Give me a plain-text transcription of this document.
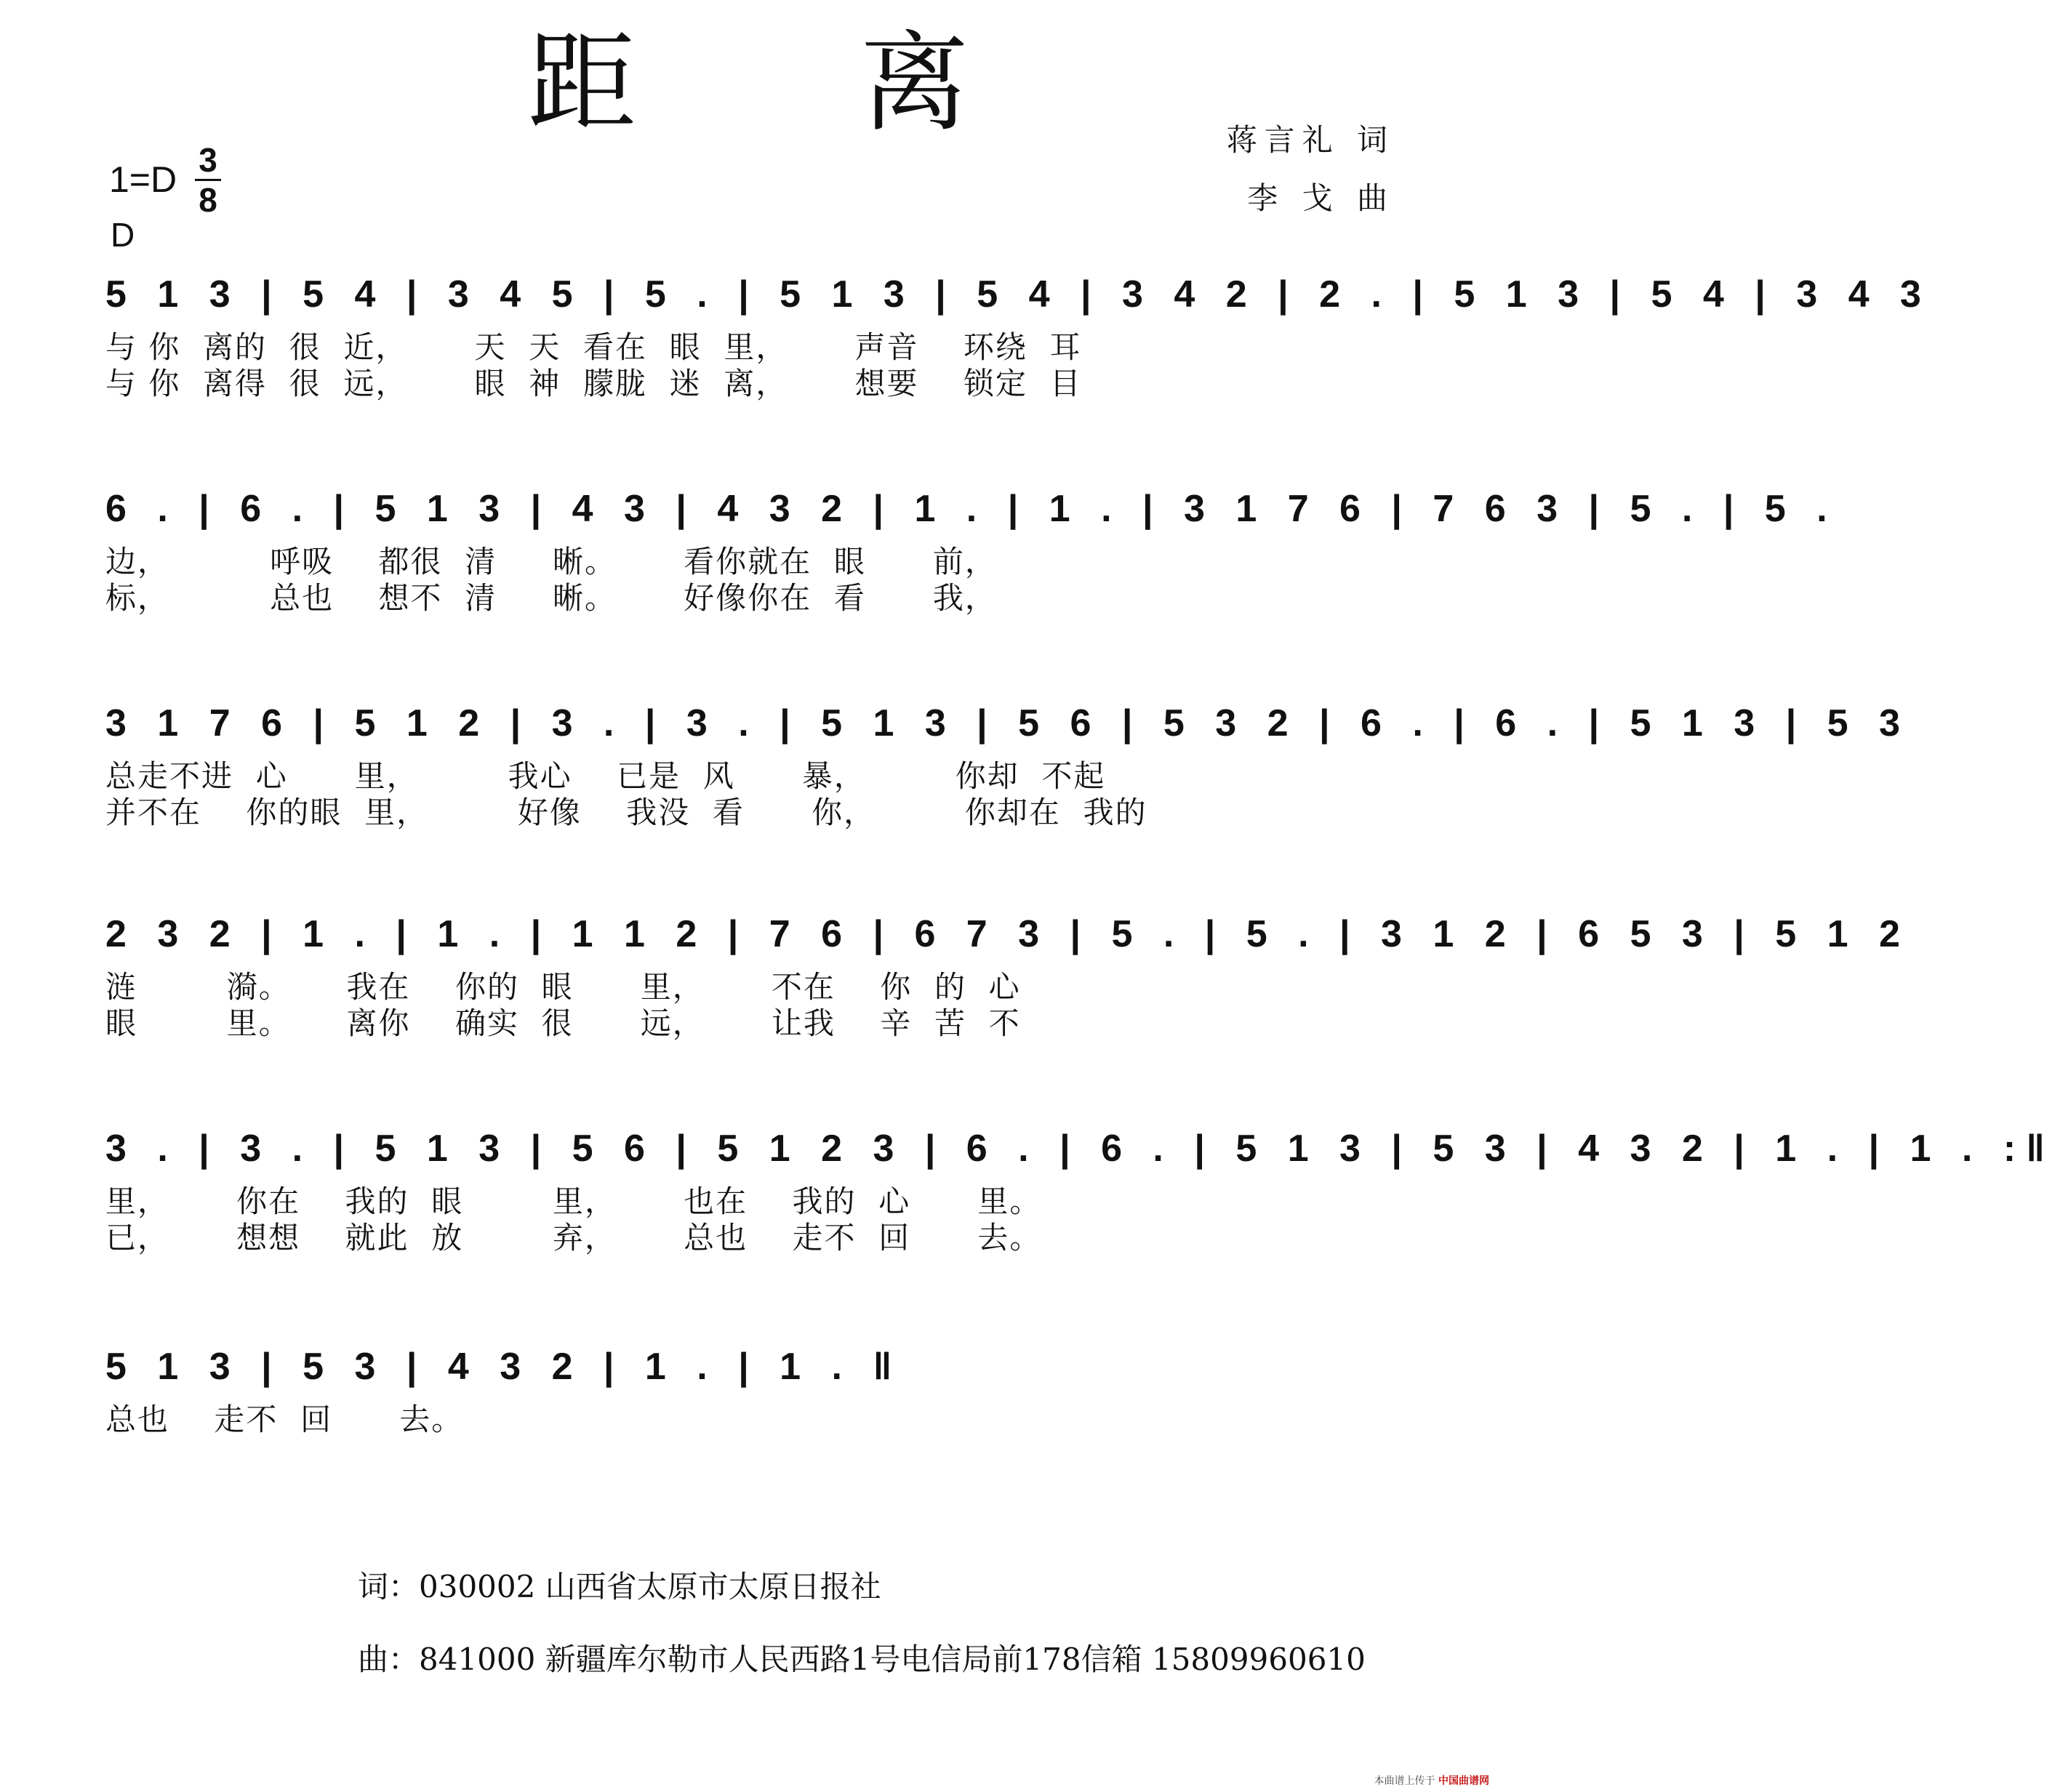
距 离	蒋言礼 词
李 戈 曲
1=D 3
8
D
5 1 3 | 5 4 | 3 4 5 | 5 . | 5 1 3 | 5 4 | 3 4 2 | 2 . | 5 1 3 | 5 4 | 3 4 3
与 你  离的  很  近，      天  天  看在  眼  里，      声音    环绕  耳
与 你  离得  很  远，      眼  神  朦胧  迷  离，      想要    锁定  目
6 . | 6 . | 5 1 3 | 4 3 | 4 3 2 | 1 . | 1 . | 3 1 7 6 | 7 6 3 | 5 . | 5 .
边，         呼吸    都很  清     晰。      看你就在  眼      前，
标，         总也    想不  清     晰。      好像你在  看      我，
3 1 7 6 | 5 1 2 | 3 . | 3 . | 5 1 3 | 5 6 | 5 3 2 | 6 . | 6 . | 5 1 3 | 5 3
总走不进  心      里，        我心    已是  风      暴，        你却  不起
并不在    你的眼  里，        好像    我没  看      你，        你却在  我的
2 3 2 | 1 . | 1 . | 1 1 2 | 7 6 | 6 7 3 | 5 . | 5 . | 3 1 2 | 6 5 3 | 5 1 2
涟        漪。     我在    你的  眼      里，      不在    你  的  心
眼        里。     离你    确实  很      远，      让我    辛  苦  不
3 . | 3 . | 5 1 3 | 5 6 | 5 1 2 3 | 6 . | 6 . | 5 1 3 | 5 3 | 4 3 2 | 1 . | 1 . :‖
里，      你在    我的  眼        里，      也在    我的  心      里。
已，      想想    就此  放        弃，      总也    走不  回      去。
5 1 3 | 5 3 | 4 3 2 | 1 . | 1 . ‖
总也    走不  回      去。
词：030002 山西省太原市太原日报社
曲：841000 新疆库尔勒市人民西路1号电信局前178信箱 15809960610
本曲谱上传于 中国曲谱网
